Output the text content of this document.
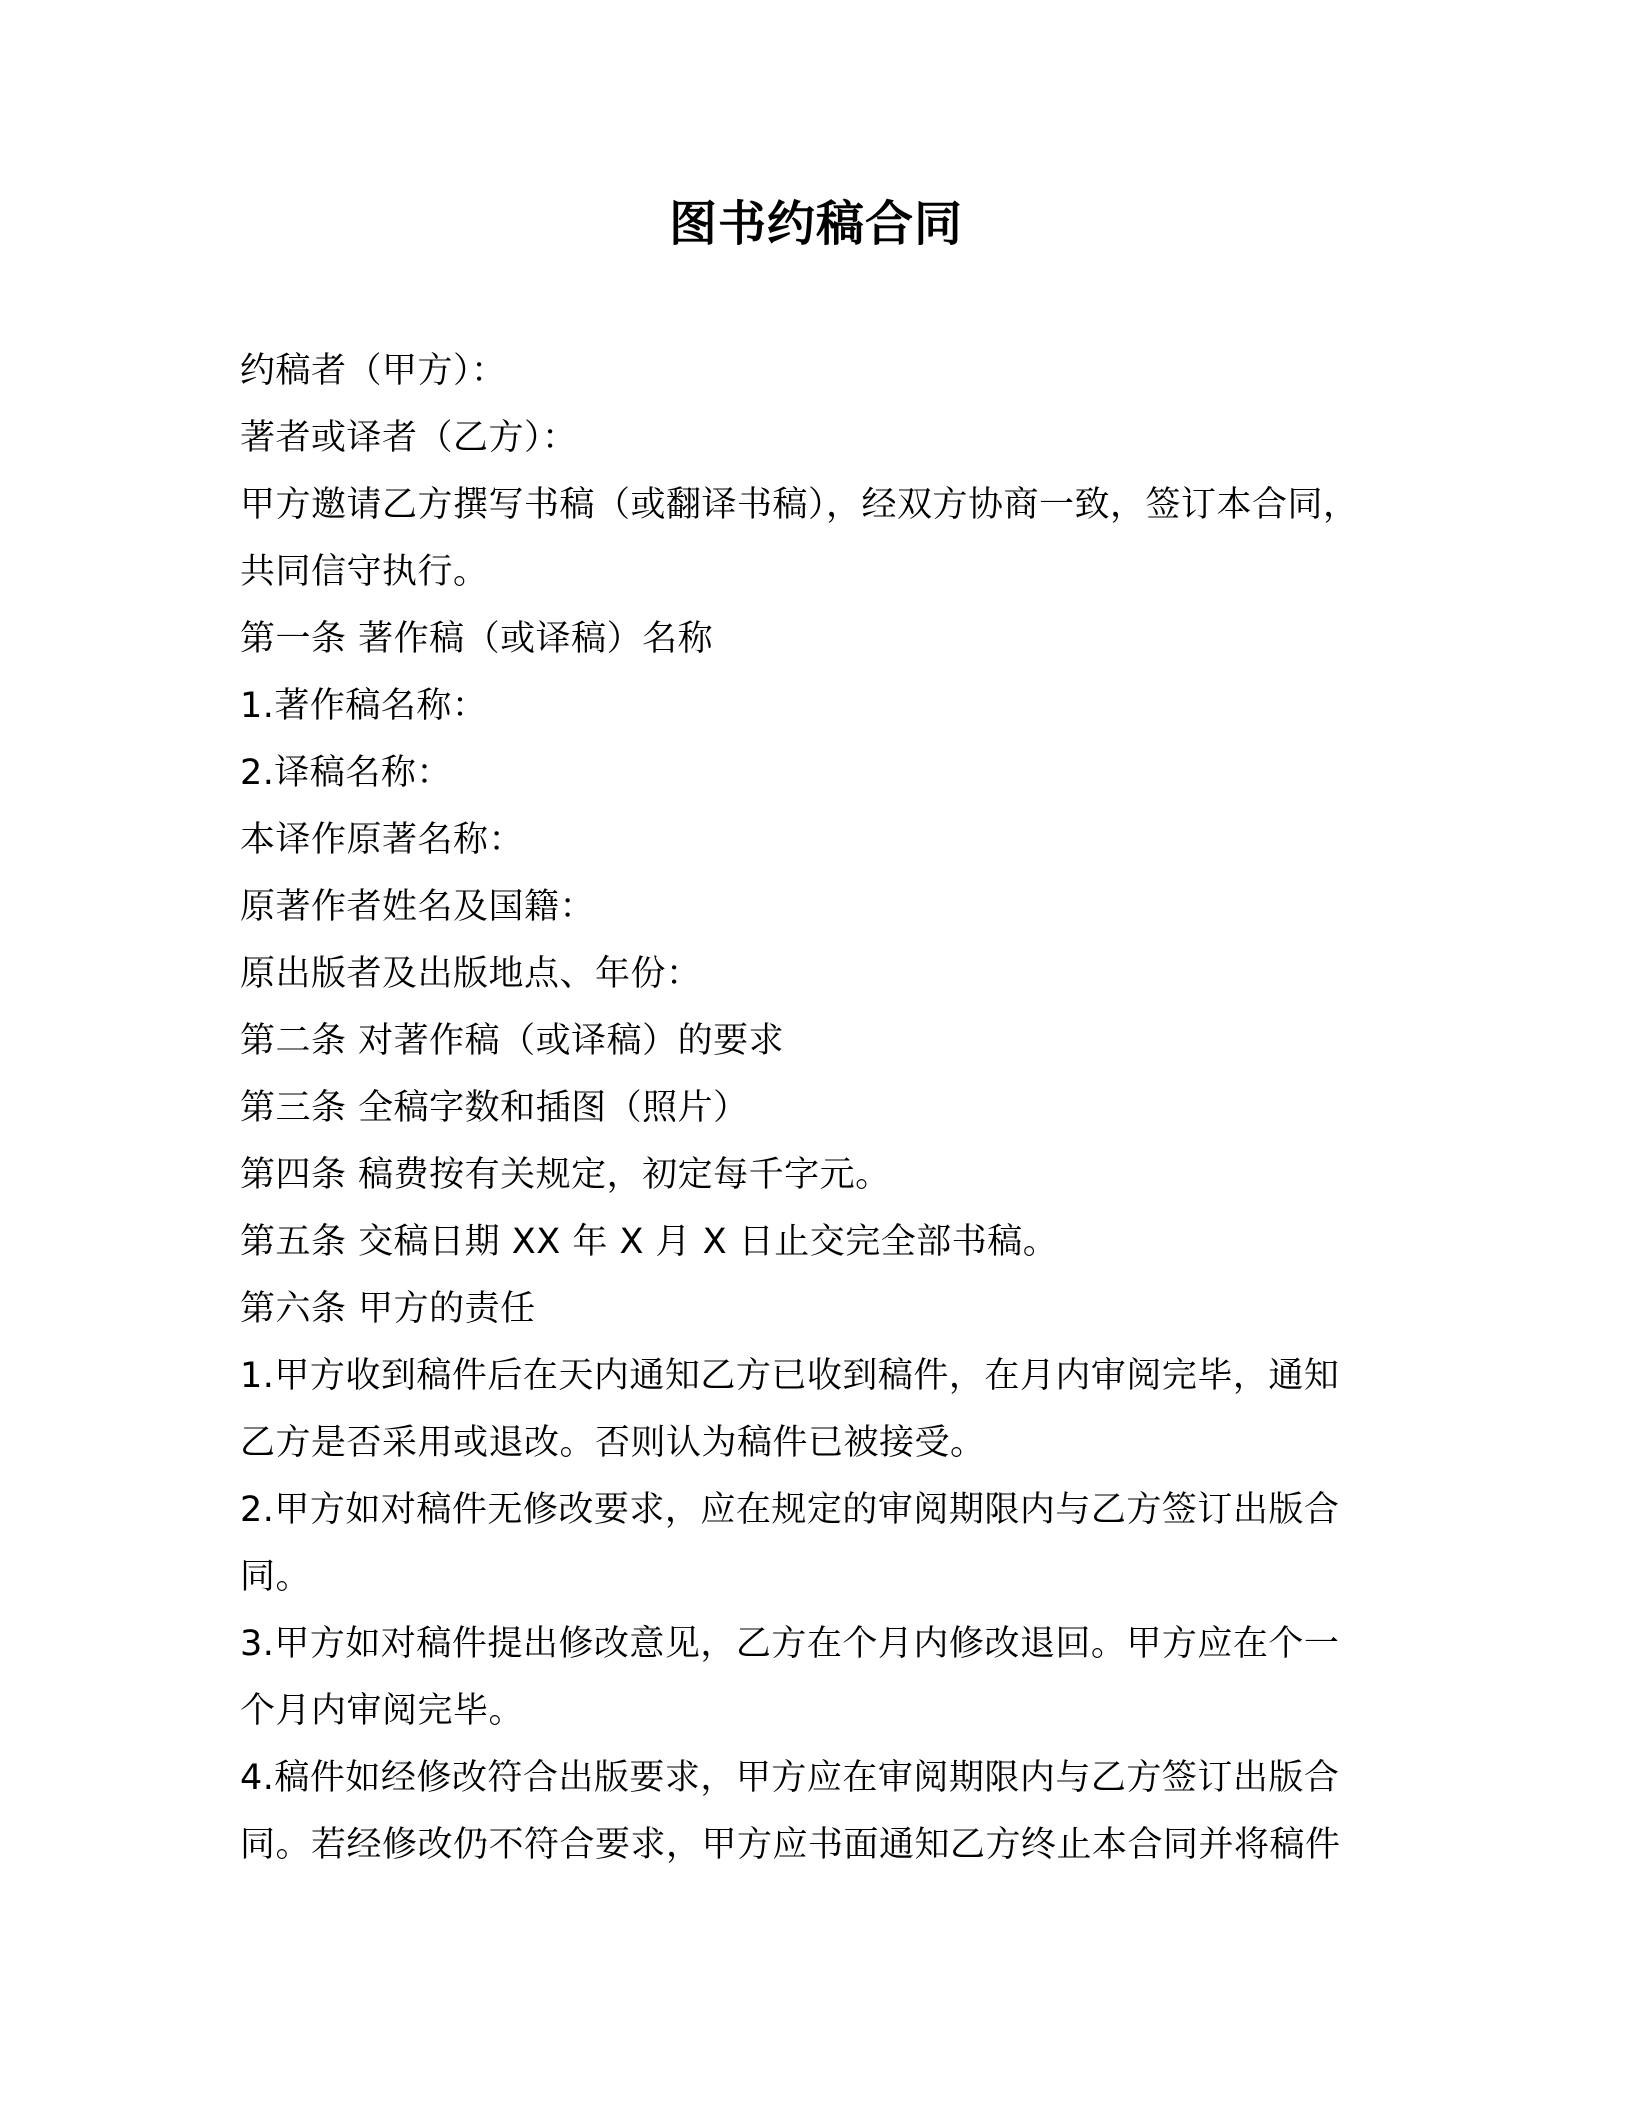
图书约稿合同
约稿者（甲方）：
著者或译者（乙方）：
甲方邀请乙方撰写书稿（或翻译书稿），经双方协商一致，签订本合同，
共同信守执行。
第一条 著作稿（或译稿）名称
1.著作稿名称：
2.译稿名称：
本译作原著名称：
原著作者姓名及国籍：
原出版者及出版地点、年份：
第二条 对著作稿（或译稿）的要求
第三条 全稿字数和插图（照片）
第四条 稿费按有关规定，初定每千字元。
第五条 交稿日期 XX 年 X 月 X 日止交完全部书稿。
第六条 甲方的责任
1.甲方收到稿件后在天内通知乙方已收到稿件，在月内审阅完毕，通知
乙方是否采用或退改。否则认为稿件已被接受。
2.甲方如对稿件无修改要求，应在规定的审阅期限内与乙方签订出版合
同。
3.甲方如对稿件提出修改意见，乙方在个月内修改退回。甲方应在个一
个月内审阅完毕。
4.稿件如经修改符合出版要求，甲方应在审阅期限内与乙方签订出版合
同。若经修改仍不符合要求，甲方应书面通知乙方终止本合同并将稿件
